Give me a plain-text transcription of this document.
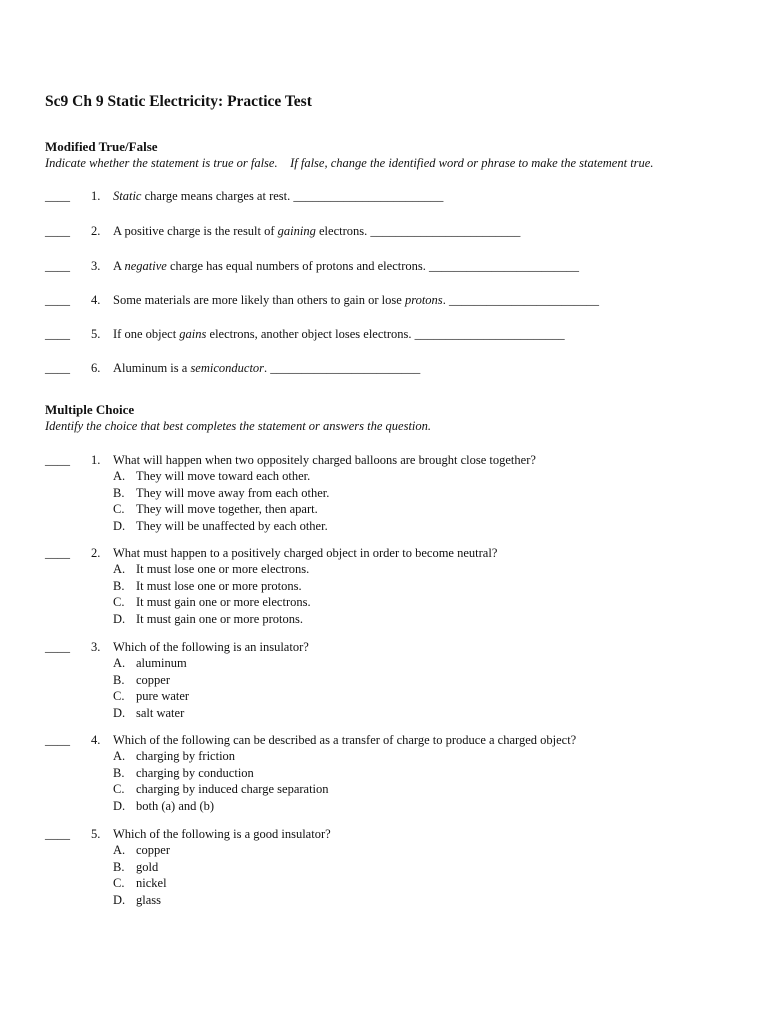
Sc9 Ch 9 Static Electricity: Practice Test
Modified True/False
Indicate whether the statement is true or false.    If false, change the identified word or phrase to make the statement true.
____ 1. Static charge means charges at rest. ________________________
____ 2. A positive charge is the result of gaining electrons. ________________________
____ 3. A negative charge has equal numbers of protons and electrons. ________________________
____ 4. Some materials are more likely than others to gain or lose protons. ________________________
____ 5. If one object gains electrons, another object loses electrons. ________________________
____ 6. Aluminum is a semiconductor. ________________________
Multiple Choice
Identify the choice that best completes the statement or answers the question.
____ 1. What will happen when two oppositely charged balloons are brought close together?
A. They will move toward each other.
B. They will move away from each other.
C. They will move together, then apart.
D. They will be unaffected by each other.
____ 2. What must happen to a positively charged object in order to become neutral?
A. It must lose one or more electrons.
B. It must lose one or more protons.
C. It must gain one or more electrons.
D. It must gain one or more protons.
____ 3. Which of the following is an insulator?
A. aluminum
B. copper
C. pure water
D. salt water
____ 4. Which of the following can be described as a transfer of charge to produce a charged object?
A. charging by friction
B. charging by conduction
C. charging by induced charge separation
D. both (a) and (b)
____ 5. Which of the following is a good insulator?
A. copper
B. gold
C. nickel
D. glass
